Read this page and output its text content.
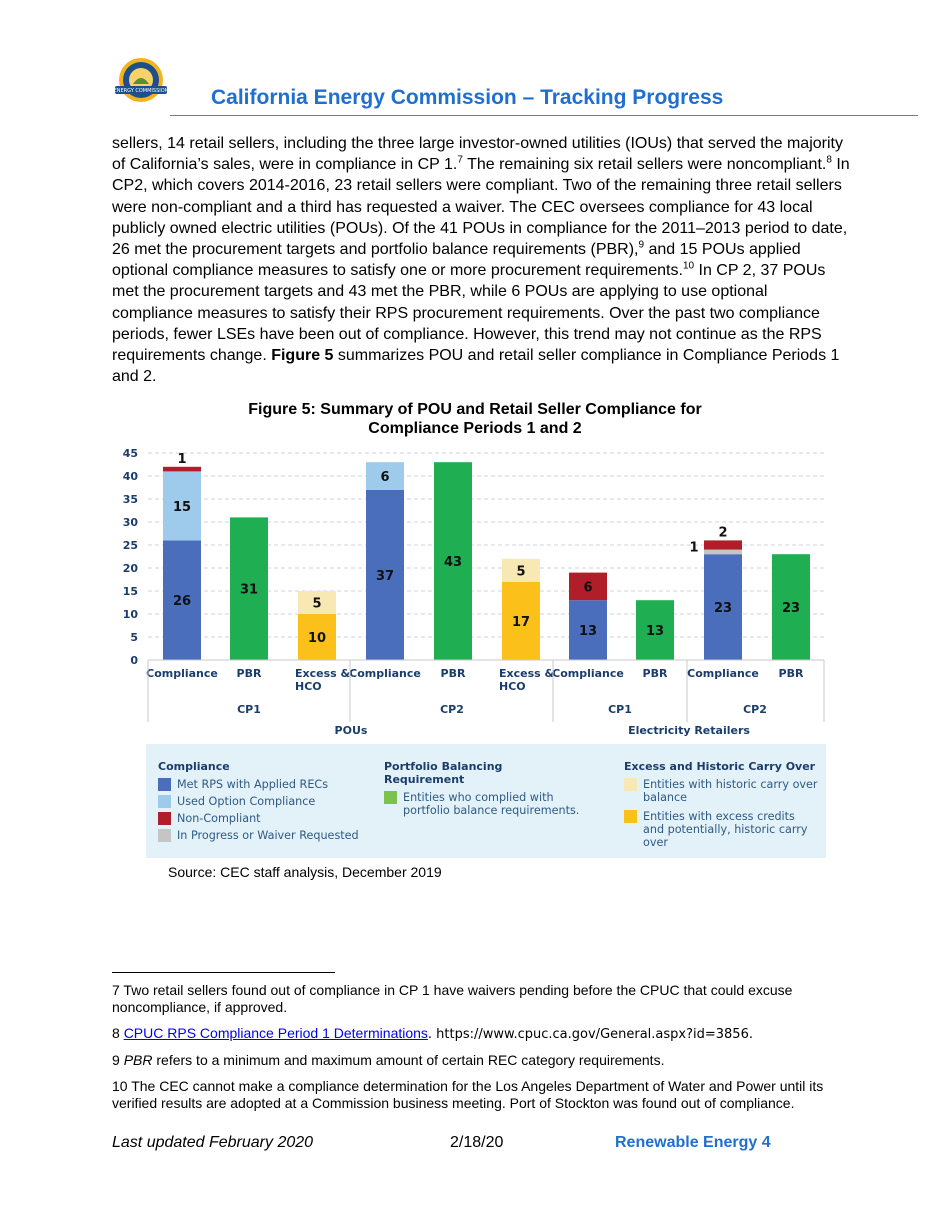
ENERGY COMMISSION California Energy Commission – Tracking Progress

sellers, 14 retail sellers, including the three large investor-owned utilities (IOUs) that served the majority of California’s sales, were in compliance in CP 1.$^7$ The remaining six retail sellers were noncompliant.$^8$ In CP2, which covers 2014-2016, 23 retail sellers were compliant. Two of the remaining three retail sellers were non-compliant and a third has requested a waiver. The CEC oversees compliance for 43 local publicly owned electric utilities (POUs). Of the 41 POUs in compliance for the 2011–2013 period to date, 26 met the procurement targets and portfolio balance requirements (PBR),$^9$ and 15 POUs applied optional compliance measures to satisfy one or more procurement requirements.$^{10}$ In CP 2, 37 POUs met the procurement targets and 43 met the PBR, while 6 POUs are applying to use optional compliance measures to satisfy their RPS procurement requirements. Over the past two compliance periods, fewer LSEs have been out of compliance. However, this trend may not continue as the RPS requirements change. Figure 5 summarizes POU and retail seller compliance in Compliance Periods 1 and 2.

Figure 5: Summary of POU and Retail Seller Compliance for
Compliance Periods 1 and 2
0
5
10
15
20
25
30
35
40
45
26
15
1
Compliance
31
PBR
10
5
Excess &
HCO
37
6
Compliance
43
PBR
17
5
Excess &
HCO
13
6
Compliance
13
PBR
23
1
2
Compliance
23
PBR
CP1	CP2	CP1	CP2
POUs	Electricity Retailers
Compliance
Met RPS with Applied RECs
Used Option Compliance
Non-Compliant
In Progress or Waiver Requested
Portfolio Balancing Requirement
Entities who complied with portfolio balance requirements.
Excess and Historic Carry Over
Entities with historic carry over balance
Entities with excess credits and potentially, historic carry over
Source: CEC staff analysis, December 2019

7 Two retail sellers found out of compliance in CP 1 have waivers pending before the CPUC that could excuse noncompliance, if approved.

8 CPUC RPS Compliance Period 1 Determinations. https://www.cpuc.ca.gov/General.aspx?id=3856.

9 PBR refers to a minimum and maximum amount of certain REC category requirements.

10 The CEC cannot make a compliance determination for the Los Angeles Department of Water and Power until its verified results are adopted at a Commission business meeting. Port of Stockton was found out of compliance.

Last updated February 2020	2/18/20	Renewable Energy 4
